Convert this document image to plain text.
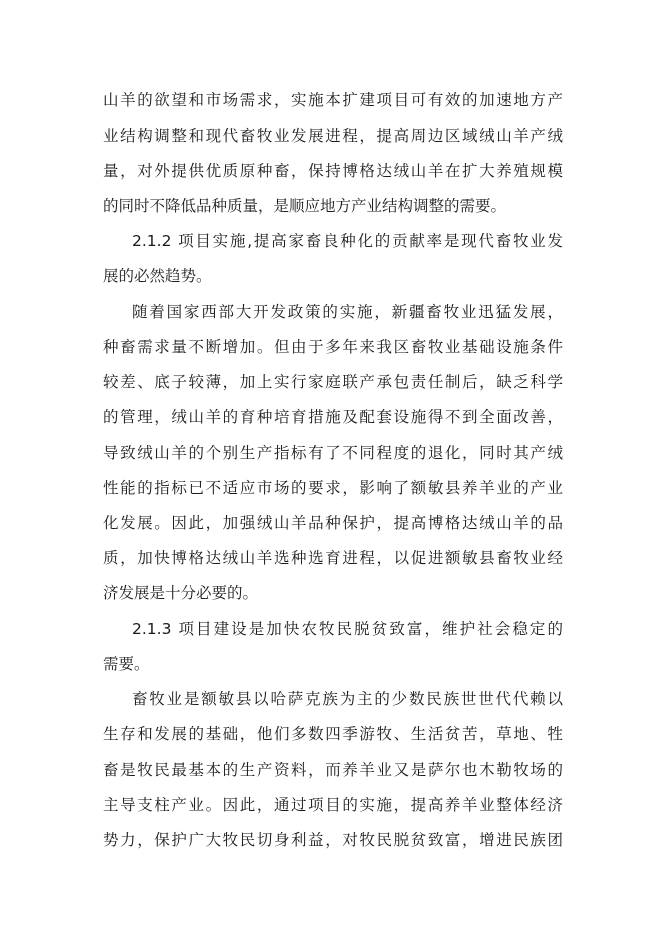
山羊的欲望和市场需求，实施本扩建项目可有效的加速地方产
业结构调整和现代畜牧业发展进程，提高周边区域绒山羊产绒
量，对外提供优质原种畜，保持博格达绒山羊在扩大养殖规模
的同时不降低品种质量，是顺应地方产业结构调整的需要。
2.1.2 项目实施,提高家畜良种化的贡献率是现代畜牧业发
展的必然趋势。
随着国家西部大开发政策的实施，新疆畜牧业迅猛发展，
种畜需求量不断增加。但由于多年来我区畜牧业基础设施条件
较差、底子较薄，加上实行家庭联产承包责任制后，缺乏科学
的管理，绒山羊的育种培育措施及配套设施得不到全面改善，
导致绒山羊的个别生产指标有了不同程度的退化，同时其产绒
性能的指标已不适应市场的要求，影响了额敏县养羊业的产业
化发展。因此，加强绒山羊品种保护，提高博格达绒山羊的品
质，加快博格达绒山羊选种选育进程，以促进额敏县畜牧业经
济发展是十分必要的。
2.1.3 项目建设是加快农牧民脱贫致富，维护社会稳定的
需要。
畜牧业是额敏县以哈萨克族为主的少数民族世世代代赖以
生存和发展的基础，他们多数四季游牧、生活贫苦，草地、牲
畜是牧民最基本的生产资料，而养羊业又是萨尔也木勒牧场的
主导支柱产业。因此，通过项目的实施，提高养羊业整体经济
势力，保护广大牧民切身利益，对牧民脱贫致富，增进民族团
